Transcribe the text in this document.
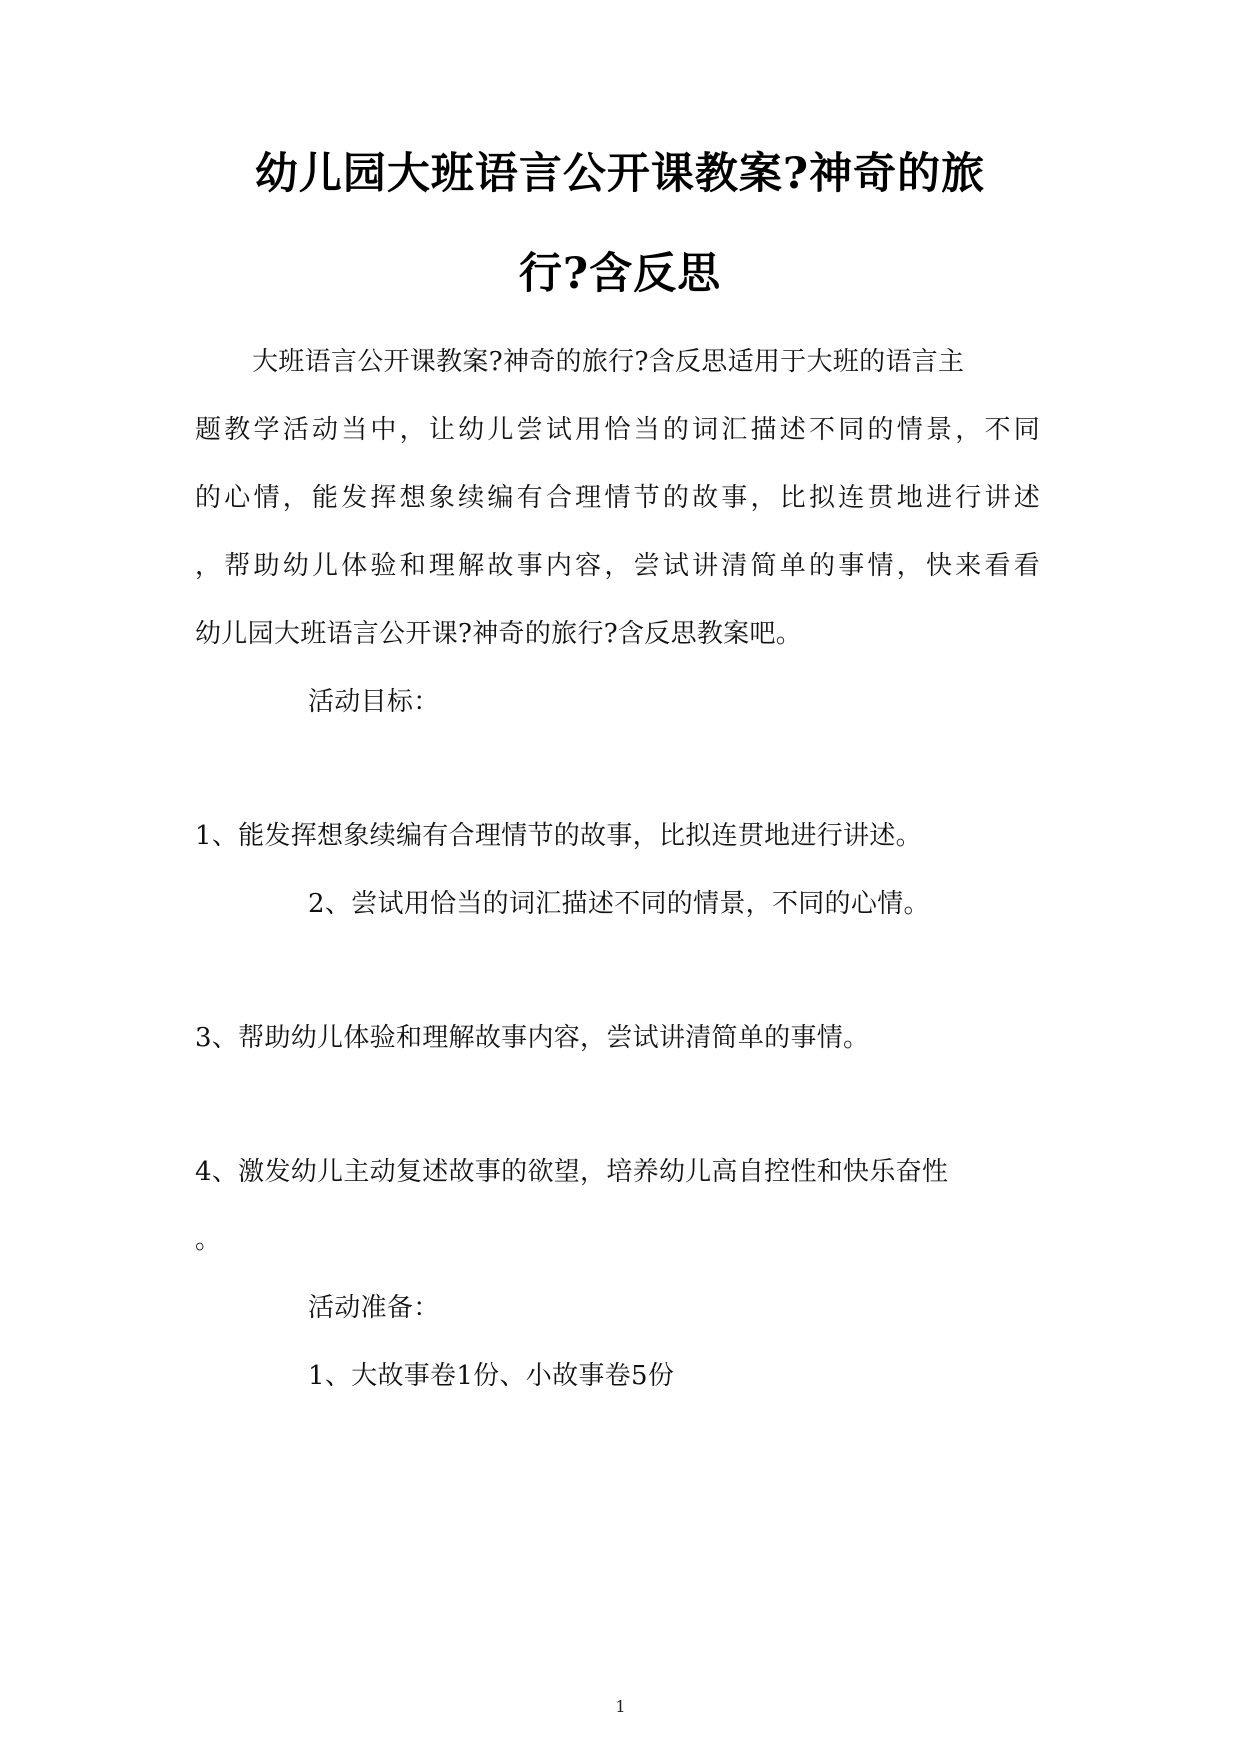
幼儿园大班语言公开课教案?神奇的旅
行?含反思
大班语言公开课教案?神奇的旅行?含反思适用于大班的语言主
题教学活动当中，让幼儿尝试用恰当的词汇描述不同的情景，不同
的心情，能发挥想象续编有合理情节的故事，比拟连贯地进行讲述
，帮助幼儿体验和理解故事内容，尝试讲清简单的事情，快来看看
幼儿园大班语言公开课?神奇的旅行?含反思教案吧。
活动目标：
1、能发挥想象续编有合理情节的故事，比拟连贯地进行讲述。
2、尝试用恰当的词汇描述不同的情景，不同的心情。
3、帮助幼儿体验和理解故事内容，尝试讲清简单的事情。
4、激发幼儿主动复述故事的欲望，培养幼儿高自控性和快乐奋性
。
活动准备：
1、大故事卷1份、小故事卷5份
1
